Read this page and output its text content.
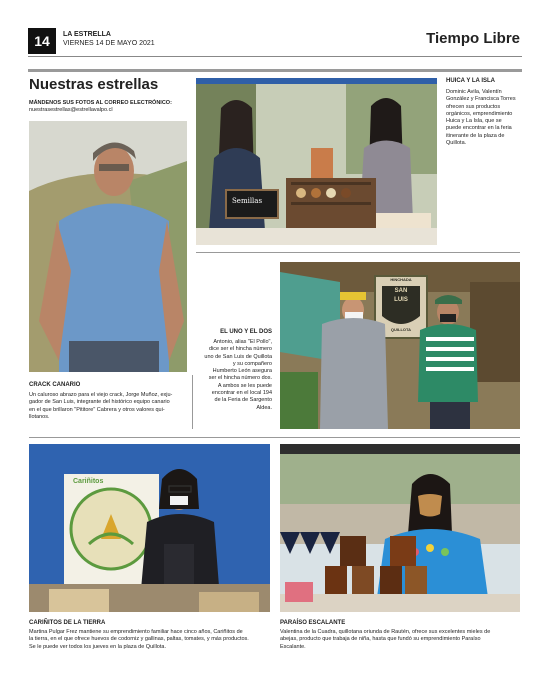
14	LA ESTRELLA
VIERNES 14 DE MAYO 2021	Tiempo Libre
Nuestras estrellas
MÁNDENOS SUS FOTOS AL CORREO ELECTRÓNICO:
nuestrasestrellas@estrellavalpo.cl
CRACK CANARIO
Un caluroso abrazo para el viejo crack, Jorge Muñoz, exju-
gador de San Luis, integrante del histórico equipo canario
en el que brillaron "Pititore" Cabrera y otros valores qui-
llotanos.
Semillas
HUICA Y LA ISLA
Dominic Avila, Valentín
González y Francisca Torres
ofrecen sus productos
orgánicos, emprendimiento
Huica y La Isla, que se
puede encontrar en la feria
itinerante de la plaza de
Quillota.
HINCHADA
SAN
LUIS
QUILLOTA
EL UNO Y EL DOS
Antonio, alias "El Pollo",
dice ser el hincha número
uno de San Luis de Quillota
y su compañero
Humberto León asegura
ser el hincha número dos.
A ambos se les puede
encontrar en el local 194
de la Feria de Sargento
Aldea.
Cariñitos
CARIÑITOS DE LA TIERRA
Martina Pulgar Frez mantiene su emprendimiento familiar hace cinco años, Cariñitos de
la tierra, en el que ofrece huevos de codorniz y gallinas, paltas, tomates, y más productos.
Se le puede ver todos los jueves en la plaza de Quillota.
PARAÍSO ESCALANTE
Valentina de la Cuadra, quillotana oriunda de Rautén, ofrece sus excelentes mieles de
abejas, producto que trabaja de niña, hasta que fundó su emprendimiento Paraíso
Escalante.
